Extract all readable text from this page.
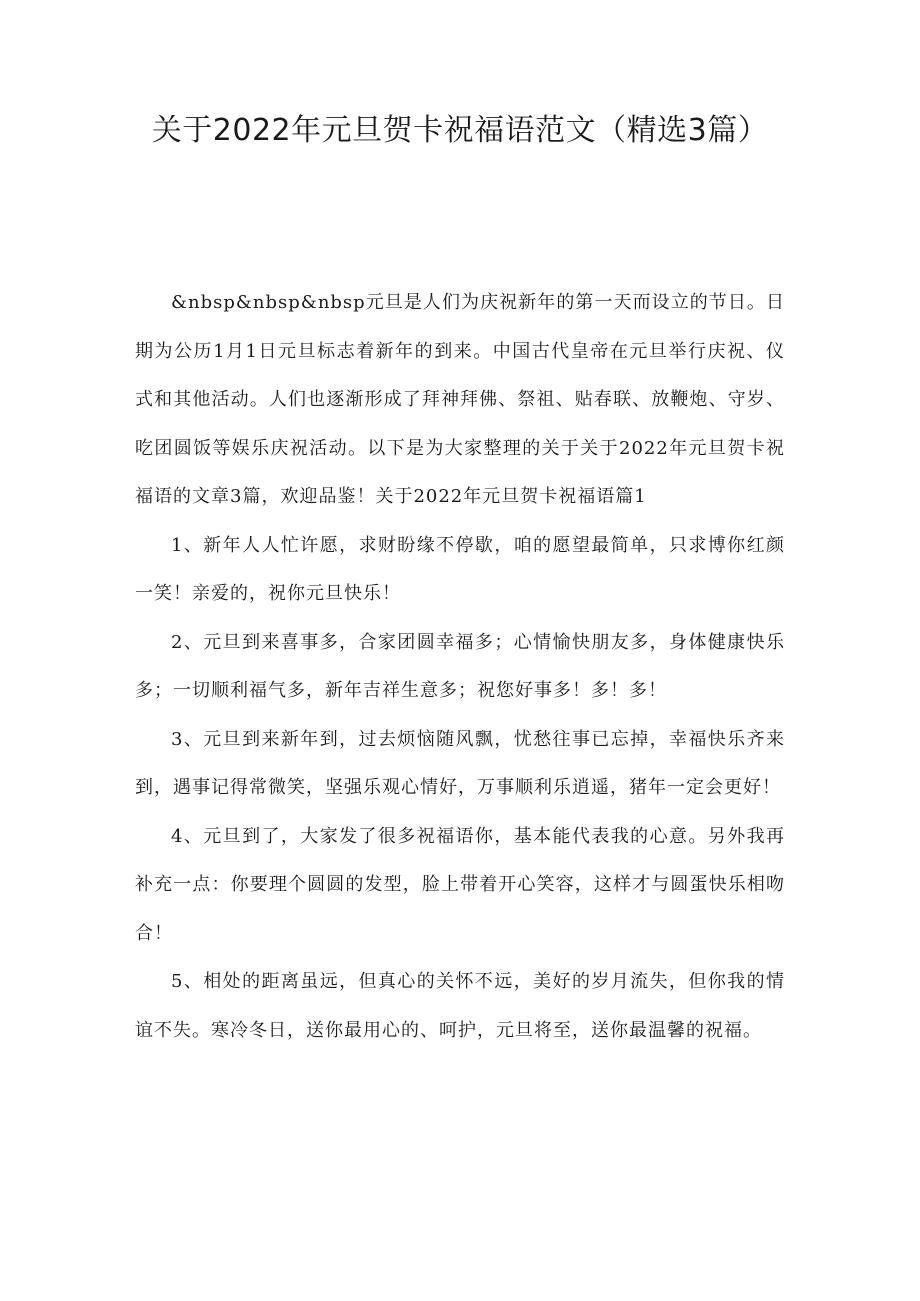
关于2022年元旦贺卡祝福语范文（精选3篇）

&nbsp&nbsp&nbsp元旦是人们为庆祝新年的第一天而设立的节日。日期为公历1月1日元旦标志着新年的到来。中国古代皇帝在元旦举行庆祝、仪式和其他活动。人们也逐渐形成了拜神拜佛、祭祖、贴春联、放鞭炮、守岁、吃团圆饭等娱乐庆祝活动。以下是为大家整理的关于关于2022年元旦贺卡祝福语的文章3篇，欢迎品鉴！关于2022年元旦贺卡祝福语篇1

1、新年人人忙许愿，求财盼缘不停歇，咱的愿望最简单，只求博你红颜一笑！亲爱的，祝你元旦快乐！

2、元旦到来喜事多，合家团圆幸福多；心情愉快朋友多，身体健康快乐多；一切顺利福气多，新年吉祥生意多；祝您好事多！多！多！

3、元旦到来新年到，过去烦恼随风飘，忧愁往事已忘掉，幸福快乐齐来到，遇事记得常微笑，坚强乐观心情好，万事顺利乐逍遥，猪年一定会更好！

4、元旦到了，大家发了很多祝福语你，基本能代表我的心意。另外我再补充一点：你要理个圆圆的发型，脸上带着开心笑容，这样才与圆蛋快乐相吻合！

5、相处的距离虽远，但真心的关怀不远，美好的岁月流失，但你我的情谊不失。寒冷冬日，送你最用心的、呵护，元旦将至，送你最温馨的祝福。
